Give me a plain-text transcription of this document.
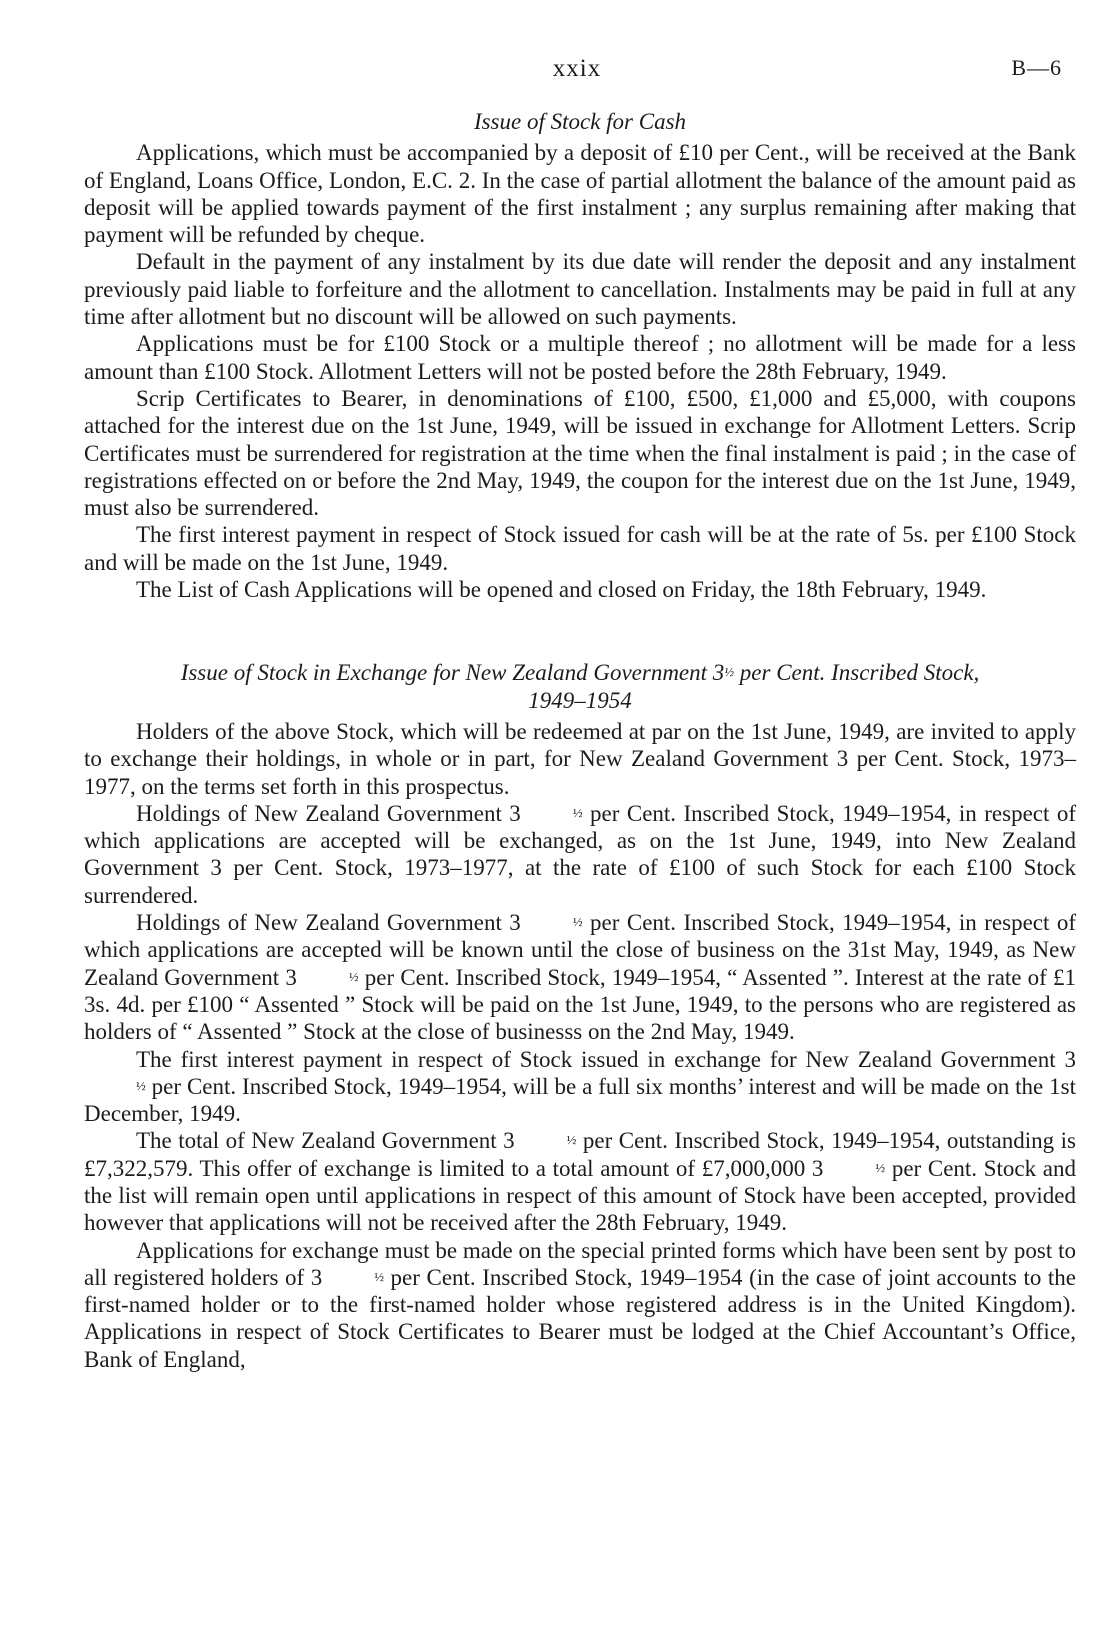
xxix	B—6
Issue of Stock for Cash

Applications, which must be accompanied by a deposit of £10 per Cent., will be received at the Bank of England, Loans Office, London, E.C. 2. In the case of partial allotment the balance of the amount paid as deposit will be applied towards payment of the first instalment ; any surplus remaining after making that payment will be refunded by cheque.

Default in the payment of any instalment by its due date will render the deposit and any instalment previously paid liable to forfeiture and the allotment to cancellation. Instalments may be paid in full at any time after allotment but no discount will be allowed on such payments.

Applications must be for £100 Stock or a multiple thereof ; no allotment will be made for a less amount than £100 Stock. Allotment Letters will not be posted before the 28th February, 1949.

Scrip Certificates to Bearer, in denominations of £100, £500, £1,000 and £5,000, with coupons attached for the interest due on the 1st June, 1949, will be issued in exchange for Allotment Letters. Scrip Certificates must be surrendered for registration at the time when the final instalment is paid ; in the case of registrations effected on or before the 2nd May, 1949, the coupon for the interest due on the 1st June, 1949, must also be surrendered.

The first interest payment in respect of Stock issued for cash will be at the rate of 5s. per £100 Stock and will be made on the 1st June, 1949.

The List of Cash Applications will be opened and closed on Friday, the 18th February, 1949.

Issue of Stock in Exchange for New Zealand Government 3½ per Cent. Inscribed Stock,
1949–1954

Holders of the above Stock, which will be redeemed at par on the 1st June, 1949, are invited to apply to exchange their holdings, in whole or in part, for New Zealand Government 3 per Cent. Stock, 1973–1977, on the terms set forth in this prospectus.

Holdings of New Zealand Government 3	½ per Cent. Inscribed Stock, 1949–1954, in respect of which applications are accepted will be exchanged, as on the 1st June, 1949, into New Zealand Government 3 per Cent. Stock, 1973–1977, at the rate of £100 of such Stock for each £100 Stock surrendered.

Holdings of New Zealand Government 3	½ per Cent. Inscribed Stock, 1949–1954, in respect of which applications are accepted will be known until the close of business on the 31st May, 1949, as New Zealand Government 3	½ per Cent. Inscribed Stock, 1949–1954, “ Assented ”. Interest at the rate of £1 3s. 4d. per £100 “ Assented ” Stock will be paid on the 1st June, 1949, to the persons who are registered as holders of “ Assented ” Stock at the close of businesss on the 2nd May, 1949.

The first interest payment in respect of Stock issued in exchange for New Zealand Government 3½ per Cent. Inscribed Stock, 1949–1954, will be a full six months’ interest and will be made on the 1st December, 1949.

The total of New Zealand Government 3	½ per Cent. Inscribed Stock, 1949–1954, outstanding is £7,322,579. This offer of exchange is limited to a total amount of £7,000,000 3	½ per Cent. Stock and the list will remain open until applications in respect of this amount of Stock have been accepted, provided however that applications will not be received after the 28th February, 1949.

Applications for exchange must be made on the special printed forms which have been sent by post to all registered holders of 3	½ per Cent. Inscribed Stock, 1949–1954 (in the case of joint accounts to the first-named holder or to the first-named holder whose registered address is in the United Kingdom). Applications in respect of Stock Certificates to Bearer must be lodged at the Chief Accountant’s Office, Bank of England,
